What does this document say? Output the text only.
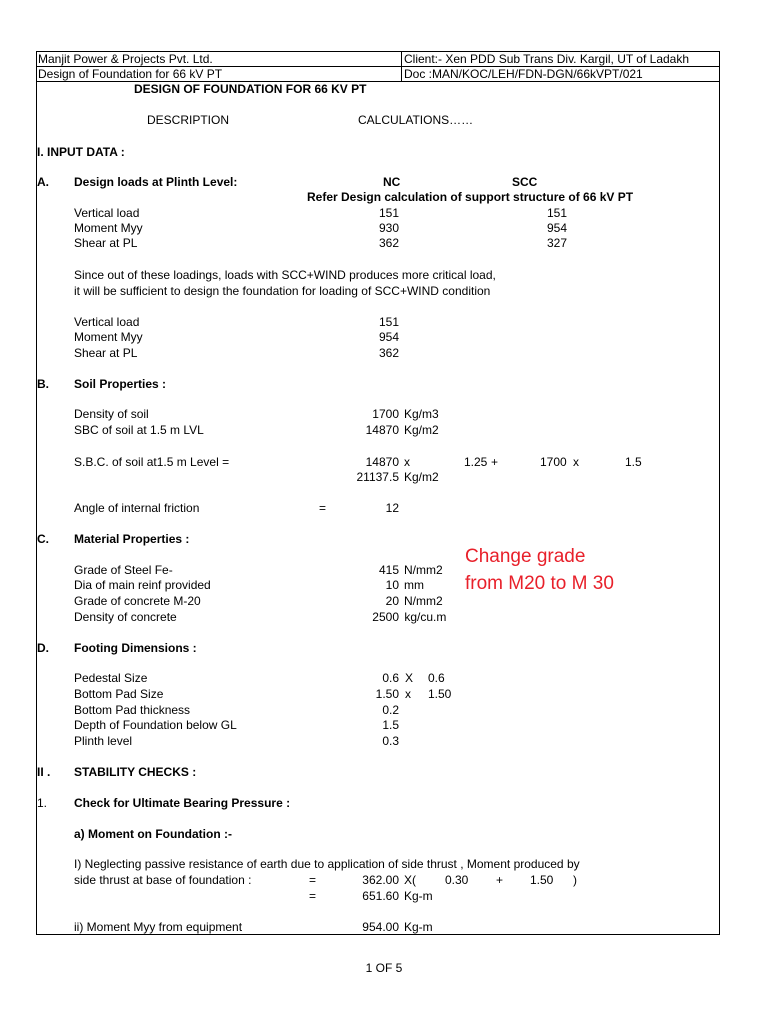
Manjit Power & Projects Pvt. Ltd.	Client:- Xen PDD Sub Trans Div. Kargil, UT of Ladakh
Design of Foundation for 66 kV PT	Doc :MAN/KOC/LEH/FDN-DGN/66kVPT/021
DESIGN OF FOUNDATION FOR 66 KV PT
DESCRIPTION	CALCULATIONS……
I. INPUT DATA :
A. Design loads at Plinth Level:	NC	SCC
Refer Design calculation of support structure of 66 kV PT
Vertical load	151	151
Moment Myy	930	954
Shear at PL	362	327
Since out of these loadings, loads with SCC+WIND produces more critical load,
it will be sufficient to design the foundation for loading of SCC+WIND condition
Vertical load	151
Moment Myy	954
Shear at PL	362
B. Soil Properties :
Density of soil	1700 Kg/m3
SBC of soil at 1.5 m LVL	14870 Kg/m2
S.B.C. of soil at1.5 m Level =	14870 x	1.25 +	1700 x	1.5
21137.5 Kg/m2
Angle of internal friction	=	12
C. Material Properties :
Grade of Steel Fe-	415 N/mm2
Dia of main reinf provided	10 mm
Grade of concrete M-20	20 N/mm2
Density of concrete	2500 kg/cu.m
Change grade
from M20 to M 30
D. Footing Dimensions :
Pedestal Size	0.6 X 0.6
Bottom Pad Size	1.50 x 1.50
Bottom Pad thickness	0.2
Depth of Foundation below GL	1.5
Plinth level	0.3
II . STABILITY CHECKS :
1. Check for Ultimate Bearing Pressure :
a) Moment on Foundation :-
I) Neglecting passive resistance of earth due to application of side thrust , Moment produced by
side thrust at base of foundation :	=	362.00 X( 0.30 + 1.50 )
=	651.60 Kg-m
ii) Moment Myy from equipment	954.00 Kg-m
1 OF 5
